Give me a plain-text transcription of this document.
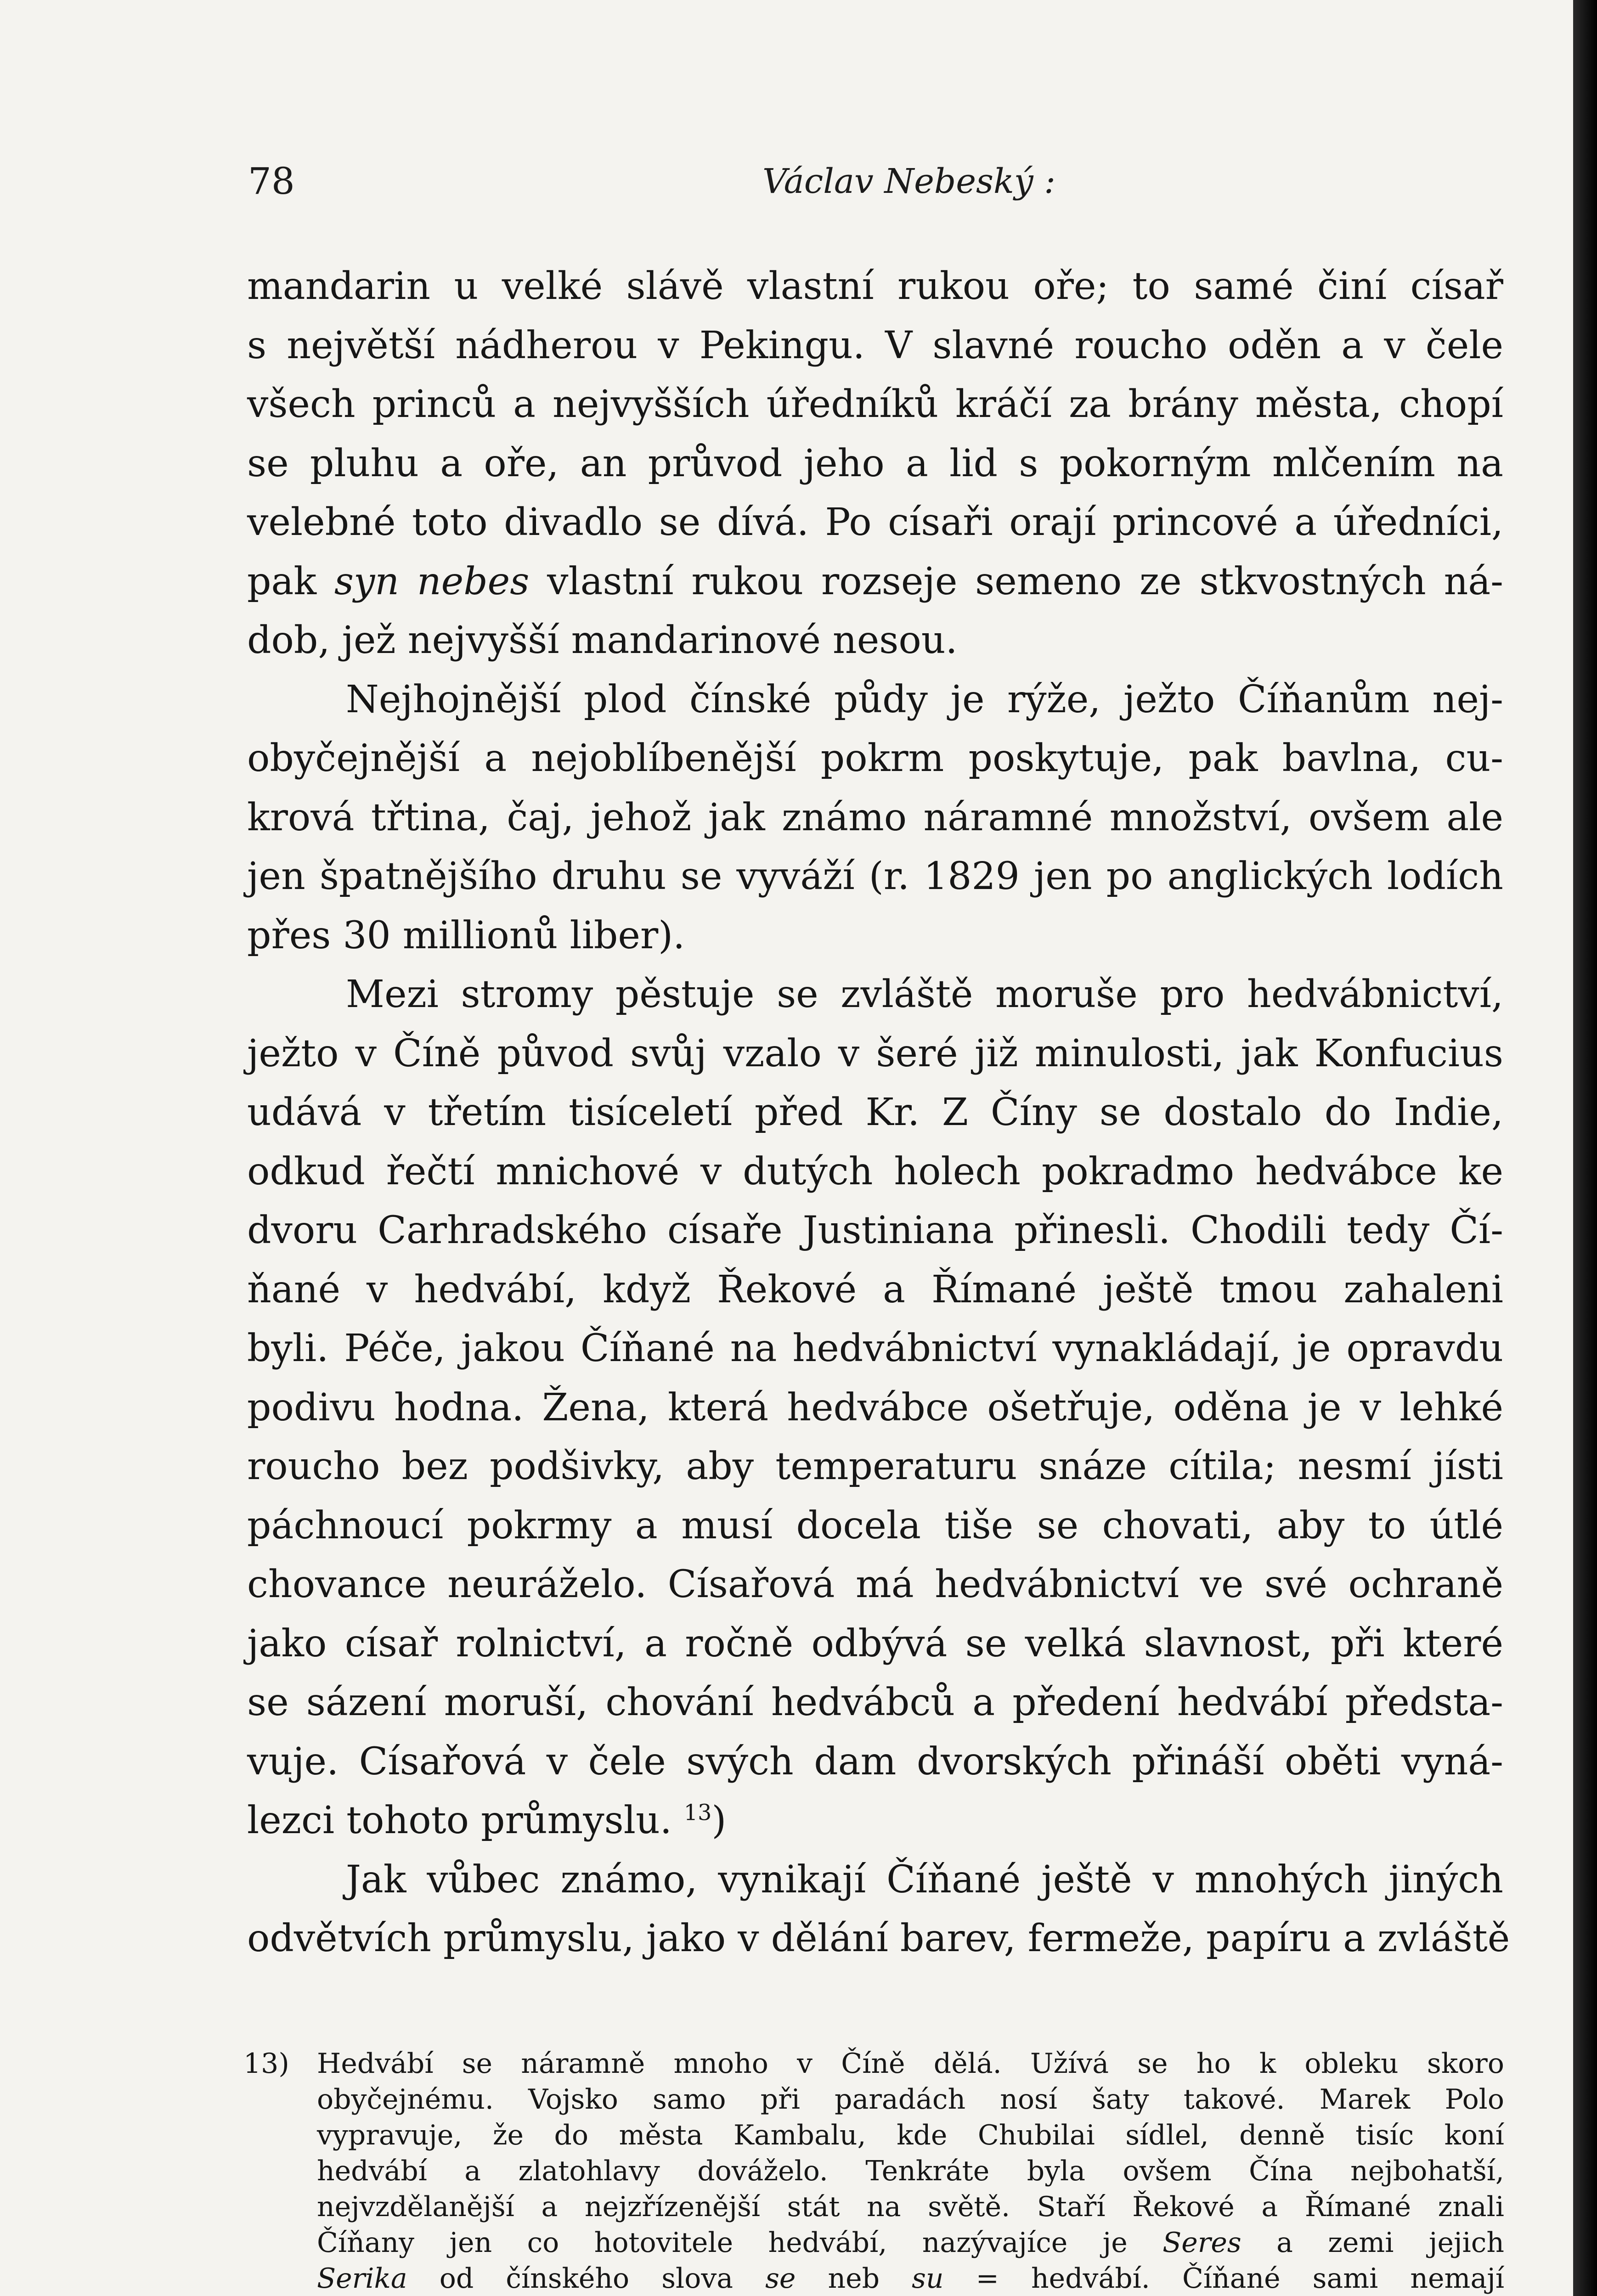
78	Václav Nebeský :

mandarin u velké slávě vlastní rukou oře; to samé činí císař

s největší nádherou v Pekingu. V slavné roucho oděn a v čele

všech princů a nejvyšších úředníků kráčí za brány města, chopí

se pluhu a oře, an průvod jeho a lid s pokorným mlčením na

velebné toto divadlo se dívá. Po císaři orají princové a úředníci,

pak syn nebes vlastní rukou rozseje semeno ze stkvostných ná-

dob, jež nejvyšší mandarinové nesou.

Nejhojnější plod čínské půdy je rýže, ježto Číňanům nej-

obyčejnější a nejoblíbenější pokrm poskytuje, pak bavlna, cu-

krová třtina, čaj, jehož jak známo náramné množství, ovšem ale

jen špatnějšího druhu se vyváží (r. 1829 jen po anglických lodích

přes 30 millionů liber).

Mezi stromy pěstuje se zvláště moruše pro hedvábnictví,

ježto v Číně původ svůj vzalo v šeré již minulosti, jak Konfucius

udává v třetím tisíceletí před Kr. Z Číny se dostalo do Indie,

odkud řečtí mnichové v dutých holech pokradmo hedvábce ke

dvoru Carhradského císaře Justiniana přinesli. Chodili tedy Čí-

ňané v hedvábí, když Řekové a Římané ještě tmou zahaleni

byli. Péče, jakou Číňané na hedvábnictví vynakládají, je opravdu

podivu hodna. Žena, která hedvábce ošetřuje, oděna je v lehké

roucho bez podšivky, aby temperaturu snáze cítila; nesmí jísti

páchnoucí pokrmy a musí docela tiše se chovati, aby to útlé

chovance neuráželo. Císařová má hedvábnictví ve své ochraně

jako císař rolnictví, a ročně odbývá se velká slavnost, při které

se sázení moruší, chování hedvábců a předení hedvábí předsta-

vuje. Císařová v čele svých dam dvorských přináší oběti vyná-

lezci tohoto průmyslu. $^{13}$)

Jak vůbec známo, vynikají Číňané ještě v mnohých jiných

odvětvích průmyslu, jako v dělání barev, fermeže, papíru a zvláště

13) Hedvábí se náramně mnoho v Číně dělá. Užívá se ho k obleku skoro

obyčejnému. Vojsko samo při paradách nosí šaty takové. Marek Polo

vypravuje, že do města Kambalu, kde Chubilai sídlel, denně tisíc koní

hedvábí a zlatohlavy dováželo. Tenkráte byla ovšem Čína nejbohatší,

nejvzdělanější a nejzřízenější stát na světě. Staří Řekové a Římané znali

Číňany jen co hotovitele hedvábí, nazývajíce je Seres a zemi jejich

Serika od čínského slova se neb su = hedvábí. Číňané sami nemají
